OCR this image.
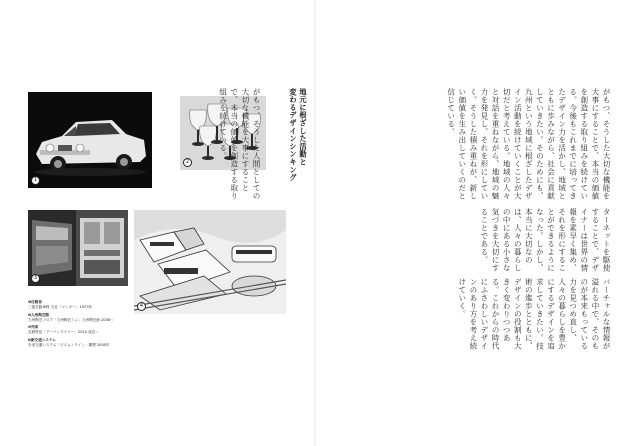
1
2
3
4
❶自動車
三菱自動車株 当社「マンキー」1973年
❷九州陶芸館
九州陶芸フロア「九州陶芸ミニ」九州陶芸館 2008〜
❸列車
近鉄特急「アーバンライナー」2015 改訂〜
❹新交通システム
未来交通システム「ビジョンライン」構想 2005年
地元に根ざした活動と
変わるデザインシンキング
がもつ、そうした人間としての大切な機能を大事にすることで、本当の価値を創造する取り組みを続けている。	がもつ、そうした大切な機能を大事にすることで、本当の価値を創造する取り組みを続けている。今後もこれまでに培ってきたデザイン力を活かし、地域とともに歩みながら、社会に貢献していきたい。そのためにも、九州という地域に根ざしたデザイン活動を続けていくことが大切だと考えている。地域の人々と対話を重ねながら、地域の魅力を発見し、それを形にしていく。そうした積み重ねが、新しい価値を生み出していくのだと信じている。
ターネットを駆使することで、デザイナーは世界の情報を素早く集め、それを形にすることができるようになった。しかし、本当に大切なのは、人々の暮らしの中にある小さな気づきを大切にすることである。
バーチャルな情報が溢れる中で、そのものが本来もっている力を見つめ直し、人々の暮らしを豊かにするデザインを追求していきたい。技術の進歩とともに、デザインの役割も大きく変わりつつある。これからの時代にふさわしいデザインのあり方を考え続けていく。
